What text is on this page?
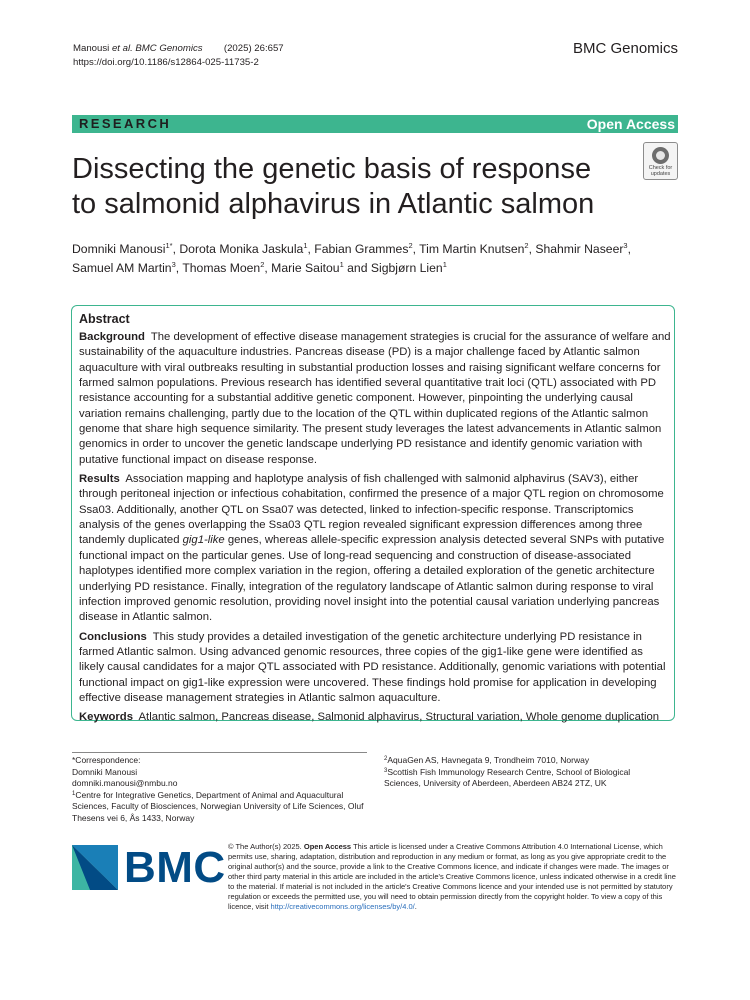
Manousi et al. BMC Genomics (2025) 26:657
https://doi.org/10.1186/s12864-025-11735-2
BMC Genomics
RESEARCH	Open Access
Dissecting the genetic basis of response
to salmonid alphavirus in Atlantic salmon
Check for
updates
Domniki Manousi$^{1*}$, Dorota Monika Jaskula$^1$, Fabian Grammes$^2$, Tim Martin Knutsen$^2$, Shahmir Naseer$^3$,
Samuel AM Martin$^3$, Thomas Moen$^2$, Marie Saitou$^1$ and Sigbjørn Lien$^1$
Abstract

Background The development of effective disease management strategies is crucial for the assurance of welfare and sustainability of the aquaculture industries. Pancreas disease (PD) is a major challenge faced by Atlantic salmon aquaculture with viral outbreaks resulting in substantial production losses and raising significant welfare concerns for farmed salmon populations. Previous research has identified several quantitative trait loci (QTL) associated with PD resistance accounting for a substantial additive genetic component. However, pinpointing the underlying causal variation remains challenging, partly due to the location of the QTL within duplicated regions of the Atlantic salmon genome that share high sequence similarity. The present study leverages the latest advancements in Atlantic salmon genomics in order to uncover the genetic landscape underlying PD resistance and identify genomic variation with putative functional impact on disease response.

Results Association mapping and haplotype analysis of fish challenged with salmonid alphavirus (SAV3), either through peritoneal injection or infectious cohabitation, confirmed the presence of a major QTL region on chromosome Ssa03. Additionally, another QTL on Ssa07 was detected, linked to infection-specific response. Transcriptomics analysis of the genes overlapping the Ssa03 QTL region revealed significant expression differences among three tandemly duplicated gig1-like genes, whereas allele-specific expression analysis detected several SNPs with putative functional impact on the particular genes. Use of long-read sequencing and construction of disease-associated haplotypes identified more complex variation in the region, offering a detailed exploration of the genetic architecture underlying PD resistance. Finally, integration of the regulatory landscape of Atlantic salmon during response to viral infection improved genomic resolution, providing novel insight into the potential causal variation underlying pancreas disease in Atlantic salmon.

Conclusions This study provides a detailed investigation of the genetic architecture underlying PD resistance in farmed Atlantic salmon. Using advanced genomic resources, three copies of the gig1-like gene were identified as likely causal candidates for a major QTL associated with PD resistance. Additionally, genomic variations with potential functional impact on gig1-like expression were uncovered. These findings hold promise for application in developing effective disease management strategies in Atlantic salmon aquaculture.

Keywords Atlantic salmon, Pancreas disease, Salmonid alphavirus, Structural variation, Whole genome duplication

*Correspondence:
Domniki Manousi
domniki.manousi@nmbu.no
$^1$Centre for Integrative Genetics, Department of Animal and Aquacultural Sciences, Faculty of Biosciences, Norwegian University of Life Sciences, Oluf Thesens vei 6, Ås 1433, Norway
$^2$AquaGen AS, Havnegata 9, Trondheim 7010, Norway
$^3$Scottish Fish Immunology Research Centre, School of Biological Sciences, University of Aberdeen, Aberdeen AB24 2TZ, UK
BMC © The Author(s) 2025. Open Access This article is licensed under a Creative Commons Attribution 4.0 International License, which permits use, sharing, adaptation, distribution and reproduction in any medium or format, as long as you give appropriate credit to the original author(s) and the source, provide a link to the Creative Commons licence, and indicate if changes were made. The images or other third party material in this article are included in the article's Creative Commons licence, unless indicated otherwise in a credit line to the material. If material is not included in the article's Creative Commons licence and your intended use is not permitted by statutory regulation or exceeds the permitted use, you will need to obtain permission directly from the copyright holder. To view a copy of this licence, visit http://creativecommons.org/licenses/by/4.0/.
